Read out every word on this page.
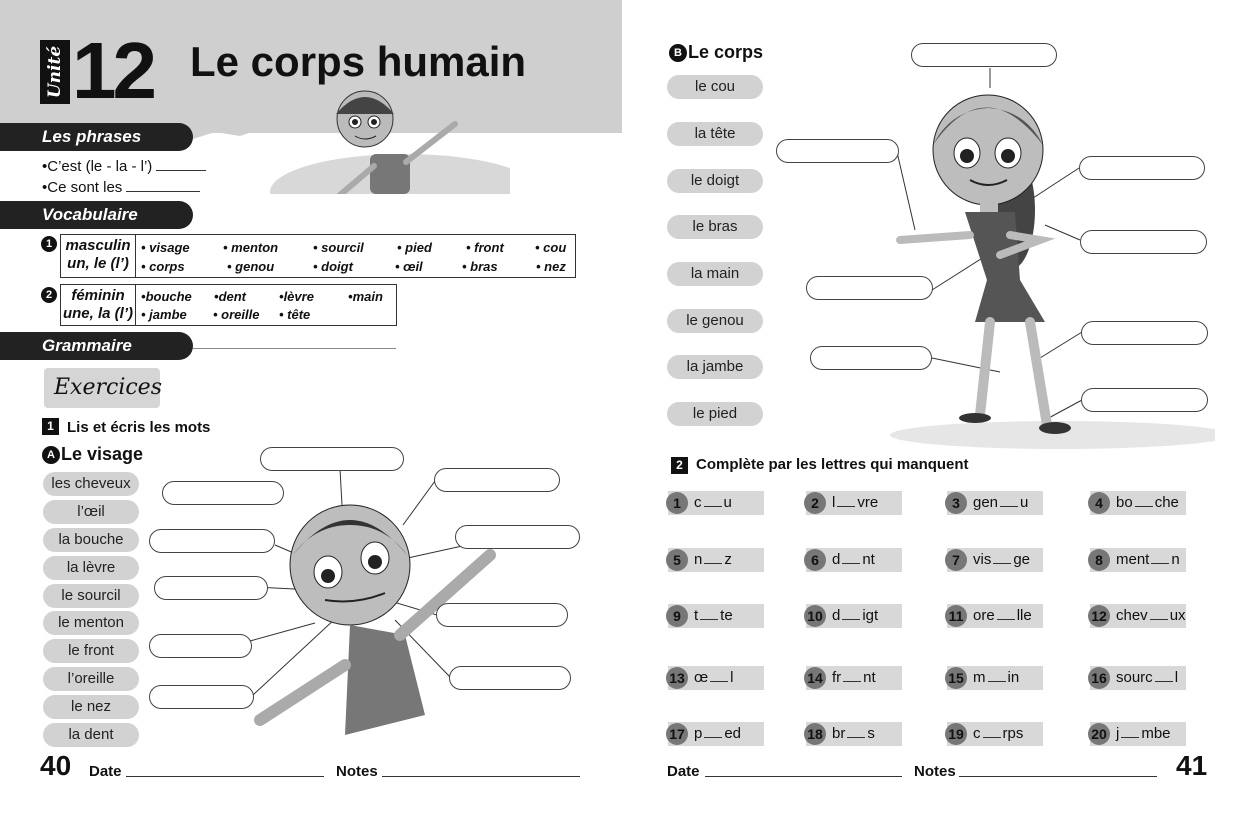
Unité 12 Le corps humain
Les phrases
•C’est (le - la - l’)
•Ce sont les
Vocabulaire
1 masculin
un, le (l’)
• visage	• menton	• sourcil	• pied	• front • cou
• corps	• genou	• doigt	• œil	• bras	• nez
2	féminin
une, la (l’)
•bouche •dent	•lèvre	•main
• jambe • oreille • tête
Grammaire
Exercices
1 Lis et écris les mots
A Le visage
les cheveux
l’œil
la bouche
la lèvre
le sourcil
le menton
le front
l’oreille
le nez
la dent
40 Date	Notes
B Le corps
le cou
la tête
le doigt
le bras
la main
le genou
la jambe
le pied
2 Complète par les lettres qui manquent
1 c u	2 l vre	3 gen u	4 bo che
5 n z	6 d nt	7 vis ge	8 ment n
9 t te	10 d igt	11 ore lle	12 chev ux
13 œ l	14 fr nt	15 m in	16 sourc l
17 p ed	18 br s	19 c rps	20 j mbe
Date	Notes	41
